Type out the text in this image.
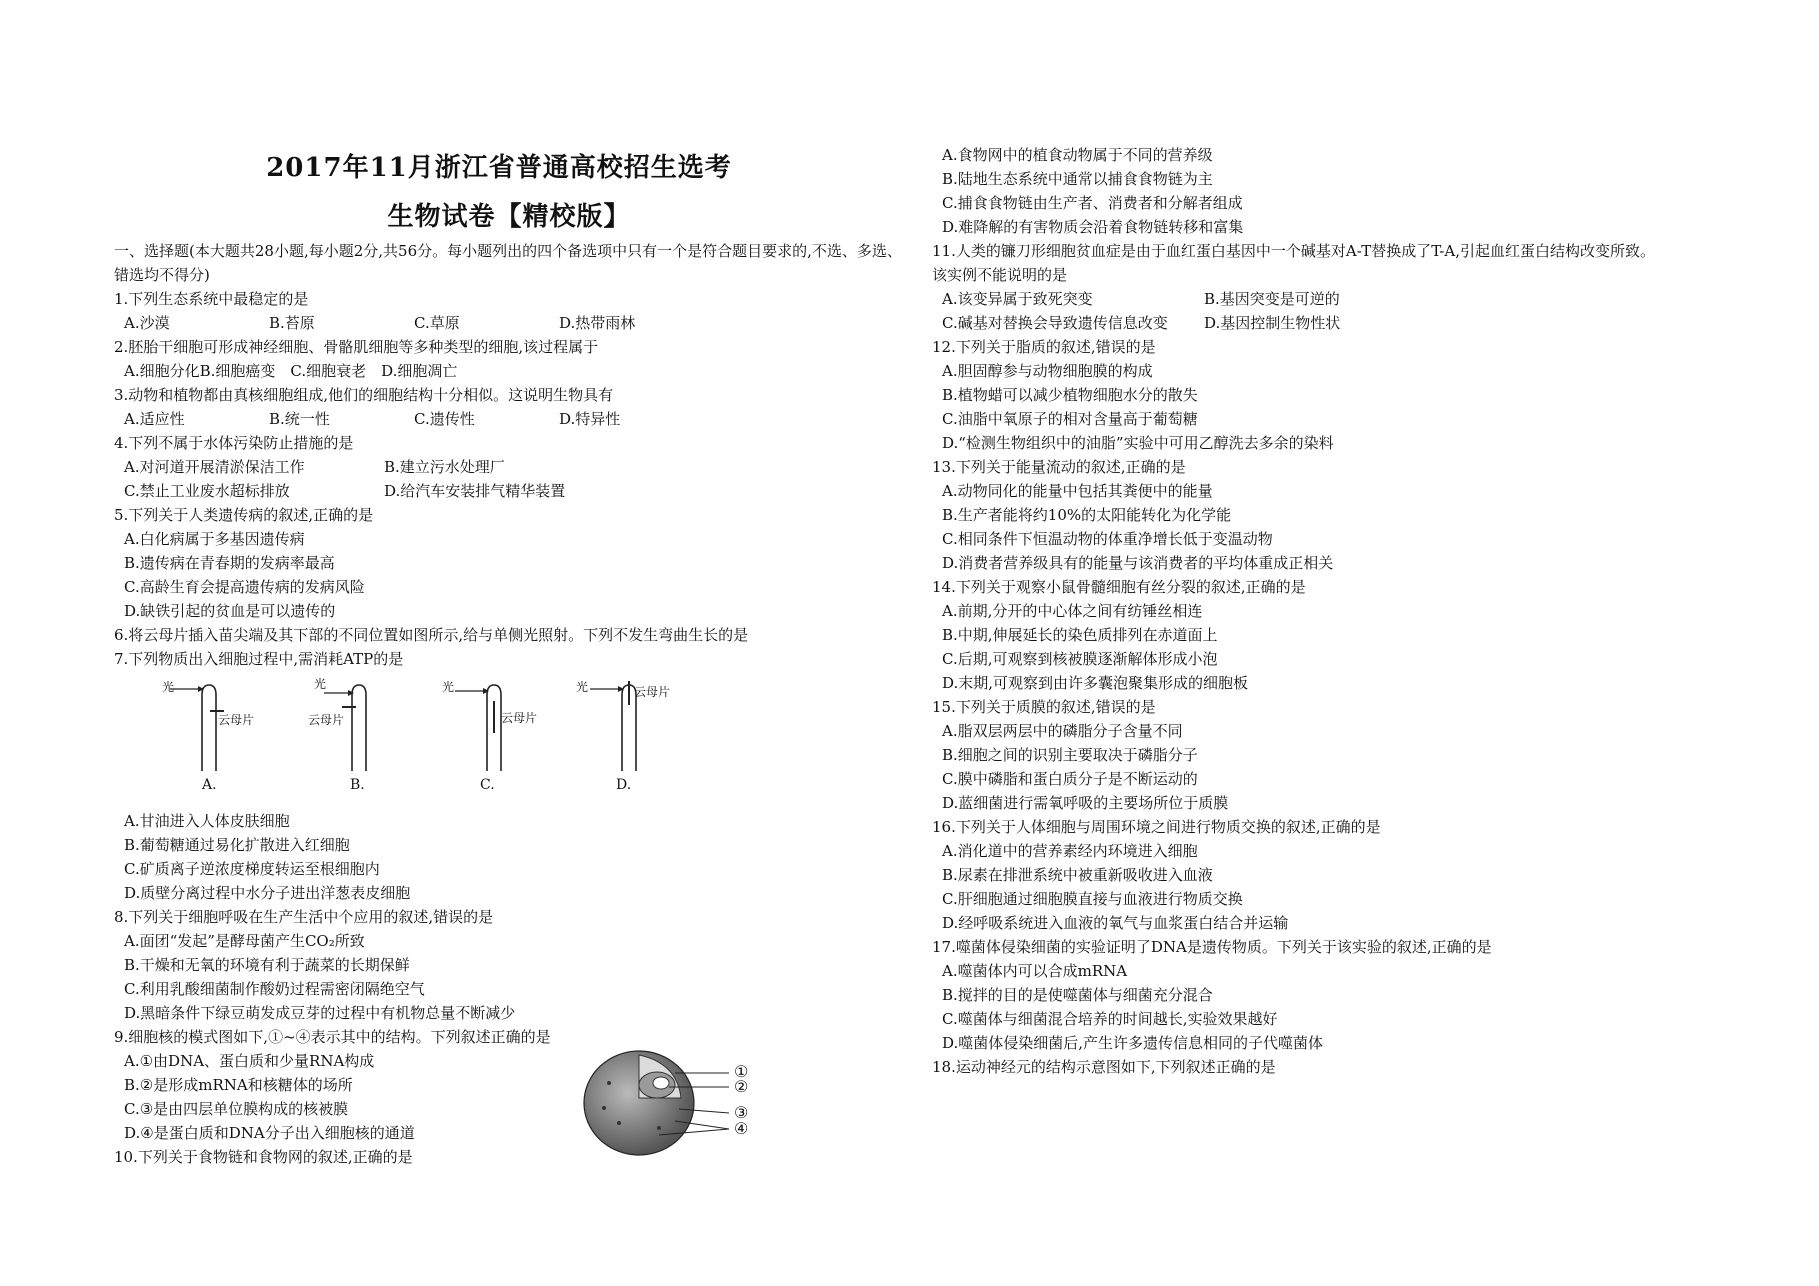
2017年11月浙江省普通高校招生选考
生物试卷【精校版】
一、选择题(本大题共28小题,每小题2分,共56分。每小题列出的四个备选项中只有一个是符合题目要求的,不选、多选、错选均不得分)
1.下列生态系统中最稳定的是
A.沙漠	B.苔原	C.草原	D.热带雨林
2.胚胎干细胞可形成神经细胞、骨骼肌细胞等多种类型的细胞,该过程属于
A.细胞分化B.细胞癌变　C.细胞衰老　D.细胞凋亡
3.动物和植物都由真核细胞组成,他们的细胞结构十分相似。这说明生物具有
A.适应性	B.统一性	C.遗传性	D.特异性
4.下列不属于水体污染防止措施的是
A.对河道开展清淤保洁工作	B.建立污水处理厂
C.禁止工业废水超标排放	D.给汽车安装排气精华装置
5.下列关于人类遗传病的叙述,正确的是
A.白化病属于多基因遗传病
B.遗传病在青春期的发病率最高
C.高龄生育会提高遗传病的发病风险
D.缺铁引起的贫血是可以遗传的
6.将云母片插入苗尖端及其下部的不同位置如图所示,给与单侧光照射。下列不发生弯曲生长的是
7.下列物质出入细胞过程中,需消耗ATP的是
光
云母片
A.
光
云母片
B.
光
云母片
C.
光	云母片
D.
A.甘油进入人体皮肤细胞
B.葡萄糖通过易化扩散进入红细胞
C.矿质离子逆浓度梯度转运至根细胞内
D.质壁分离过程中水分子进出洋葱表皮细胞
8.下列关于细胞呼吸在生产生活中个应用的叙述,错误的是
A.面团“发起”是酵母菌产生CO₂所致
B.干燥和无氧的环境有利于蔬菜的长期保鲜
C.利用乳酸细菌制作酸奶过程需密闭隔绝空气
D.黑暗条件下绿豆萌发成豆芽的过程中有机物总量不断减少
9.细胞核的模式图如下,①~④表示其中的结构。下列叙述正确的是
A.①由DNA、蛋白质和少量RNA构成
B.②是形成mRNA和核糖体的场所
C.③是由四层单位膜构成的核被膜
D.④是蛋白质和DNA分子出入细胞核的通道
10.下列关于食物链和食物网的叙述,正确的是
①
②
③
④
A.食物网中的植食动物属于不同的营养级
B.陆地生态系统中通常以捕食食物链为主
C.捕食食物链由生产者、消费者和分解者组成
D.难降解的有害物质会沿着食物链转移和富集
11.人类的镰刀形细胞贫血症是由于血红蛋白基因中一个碱基对A-T替换成了T-A,引起血红蛋白结构改变所致。
该实例不能说明的是
A.该变异属于致死突变	B.基因突变是可逆的
C.碱基对替换会导致遗传信息改变	D.基因控制生物性状
12.下列关于脂质的叙述,错误的是
A.胆固醇参与动物细胞膜的构成
B.植物蜡可以减少植物细胞水分的散失
C.油脂中氧原子的相对含量高于葡萄糖
D.“检测生物组织中的油脂”实验中可用乙醇洗去多余的染料
13.下列关于能量流动的叙述,正确的是
A.动物同化的能量中包括其粪便中的能量
B.生产者能将约10%的太阳能转化为化学能
C.相同条件下恒温动物的体重净增长低于变温动物
D.消费者营养级具有的能量与该消费者的平均体重成正相关
14.下列关于观察小鼠骨髓细胞有丝分裂的叙述,正确的是
A.前期,分开的中心体之间有纺锤丝相连
B.中期,伸展延长的染色质排列在赤道面上
C.后期,可观察到核被膜逐渐解体形成小泡
D.末期,可观察到由许多囊泡聚集形成的细胞板
15.下列关于质膜的叙述,错误的是
A.脂双层两层中的磷脂分子含量不同
B.细胞之间的识别主要取决于磷脂分子
C.膜中磷脂和蛋白质分子是不断运动的
D.蓝细菌进行需氧呼吸的主要场所位于质膜
16.下列关于人体细胞与周围环境之间进行物质交换的叙述,正确的是
A.消化道中的营养素经内环境进入细胞
B.尿素在排泄系统中被重新吸收进入血液
C.肝细胞通过细胞膜直接与血液进行物质交换
D.经呼吸系统进入血液的氧气与血浆蛋白结合并运输
17.噬菌体侵染细菌的实验证明了DNA是遗传物质。下列关于该实验的叙述,正确的是
A.噬菌体内可以合成mRNA
B.搅拌的目的是使噬菌体与细菌充分混合
C.噬菌体与细菌混合培养的时间越长,实验效果越好
D.噬菌体侵染细菌后,产生许多遗传信息相同的子代噬菌体
18.运动神经元的结构示意图如下,下列叙述正确的是
